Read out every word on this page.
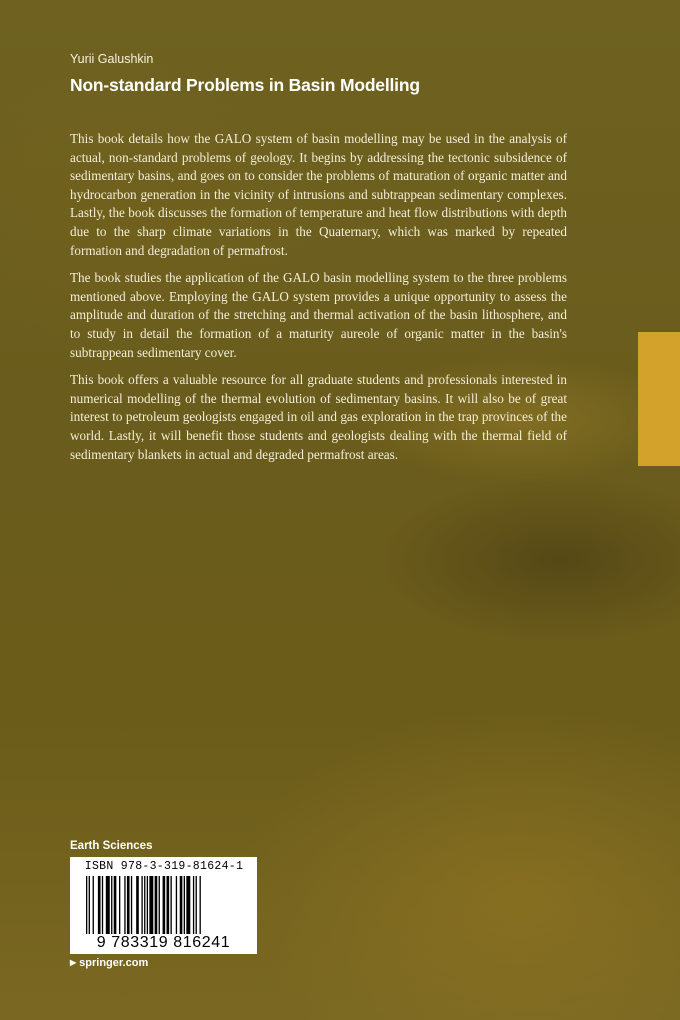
Yurii Galushkin
Non-standard Problems in Basin Modelling

This book details how the GALO system of basin modelling may be used in the analysis of actual, non-standard problems of geology. It begins by addressing the tectonic subsidence of sedimentary basins, and goes on to consider the problems of maturation of organic matter and hydrocarbon generation in the vicinity of intrusions and subtrappean sedimentary complexes. Lastly, the book discusses the formation of temperature and heat flow distributions with depth due to the sharp climate variations in the Quaternary, which was marked by repeated formation and degradation of permafrost.

The book studies the application of the GALO basin modelling system to the three problems mentioned above. Employing the GALO system provides a unique opportunity to assess the amplitude and duration of the stretching and thermal activation of the basin lithosphere, and to study in detail the formation of a maturity aureole of organic matter in the basin's subtrappean sedimentary cover.

This book offers a valuable resource for all graduate students and professionals interested in numerical modelling of the thermal evolution of sedimentary basins. It will also be of great interest to petroleum geologists engaged in oil and gas exploration in the trap provinces of the world. Lastly, it will benefit those students and geologists dealing with the thermal field of sedimentary blankets in actual and degraded permafrost areas.

Earth Sciences
ISBN 978-3-319-81624-1
9 783319 816241
▶ springer.com
